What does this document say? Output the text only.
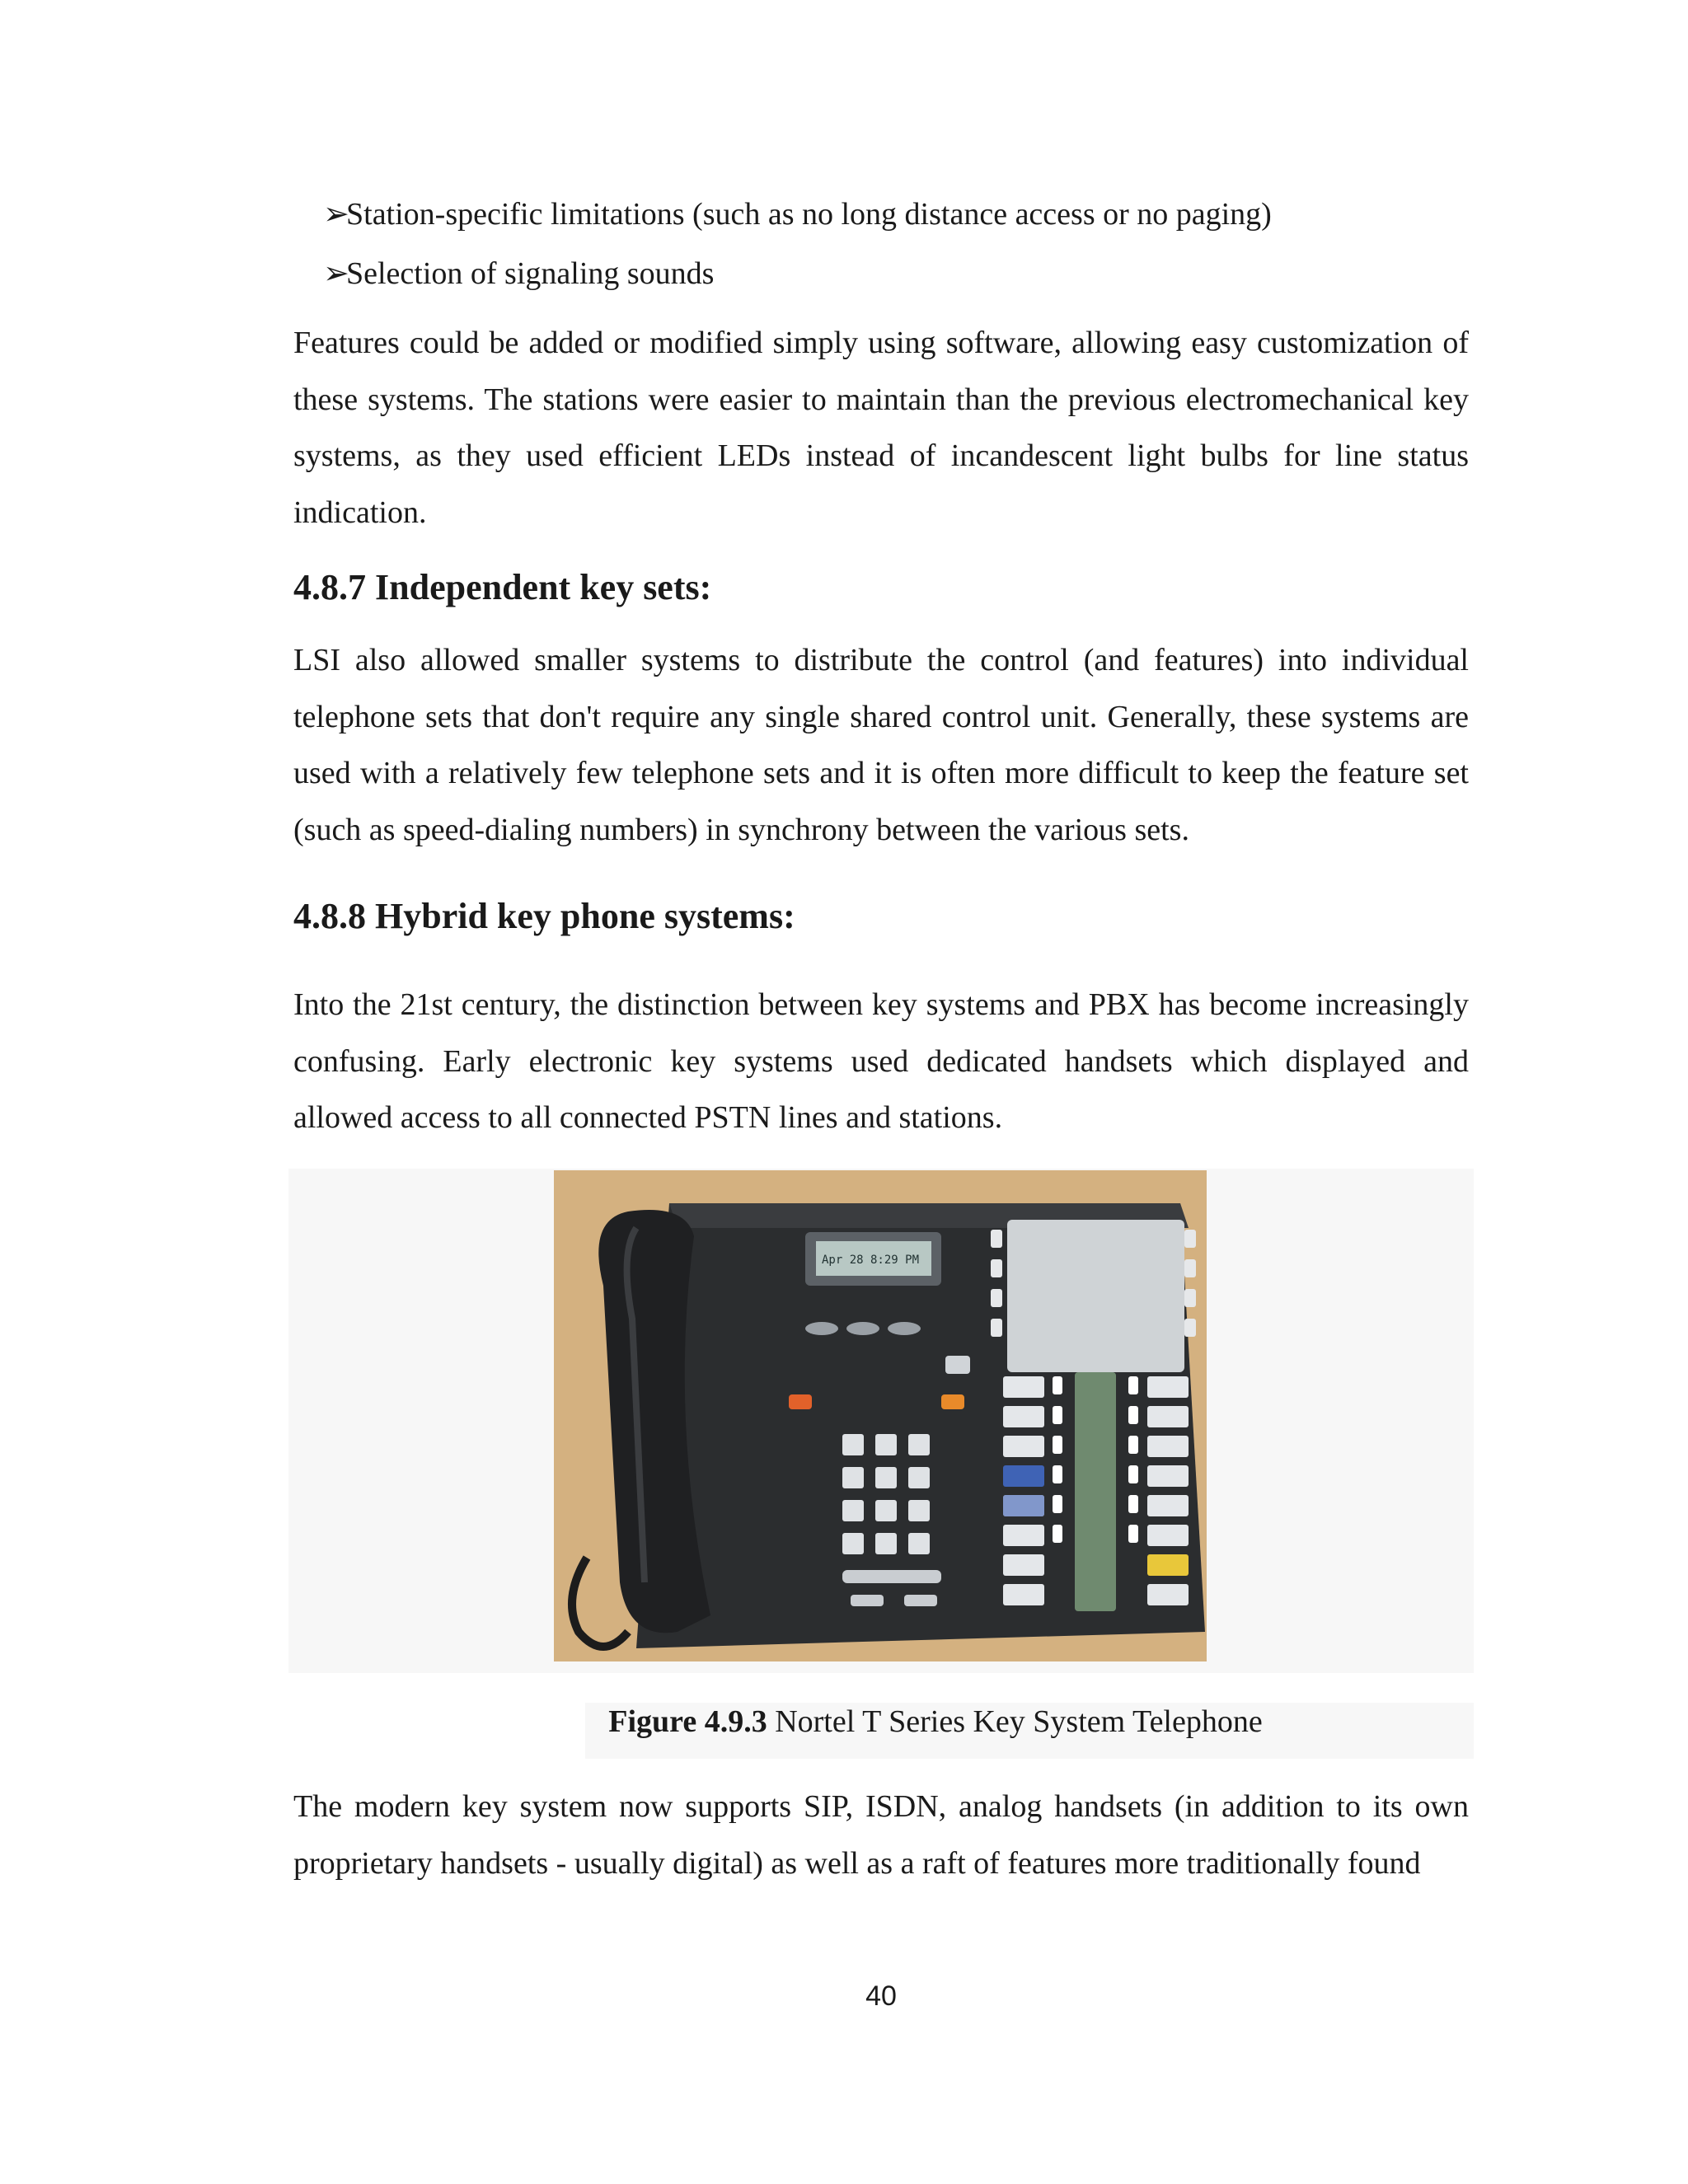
➢
Station-specific limitations (such as no long distance access or no paging)
➢
Selection of signaling sounds

Features could be added or modified simply using software, allowing easy customization of these systems. The stations were easier to maintain than the previous electromechanical key systems, as they used efficient LEDs instead of incandescent light bulbs for line status indication.

4.8.7 Independent key sets:

LSI also allowed smaller systems to distribute the control (and features) into individual telephone sets that don't require any single shared control unit. Generally, these systems are used with a relatively few telephone sets and it is often more difficult to keep the feature set (such as speed-dialing numbers) in synchrony between the various sets.

4.8.8 Hybrid key phone systems:

Into the 21st century, the distinction between key systems and PBX has become increasingly confusing. Early electronic key systems used dedicated handsets which displayed and allowed access to all connected PSTN lines and stations.

Apr 28 8:29 PM
Figure 4.9.3 Nortel T Series Key System Telephone

The modern key system now supports SIP, ISDN, analog handsets (in addition to its own proprietary handsets - usually digital) as well as a raft of features more traditionally found

40
